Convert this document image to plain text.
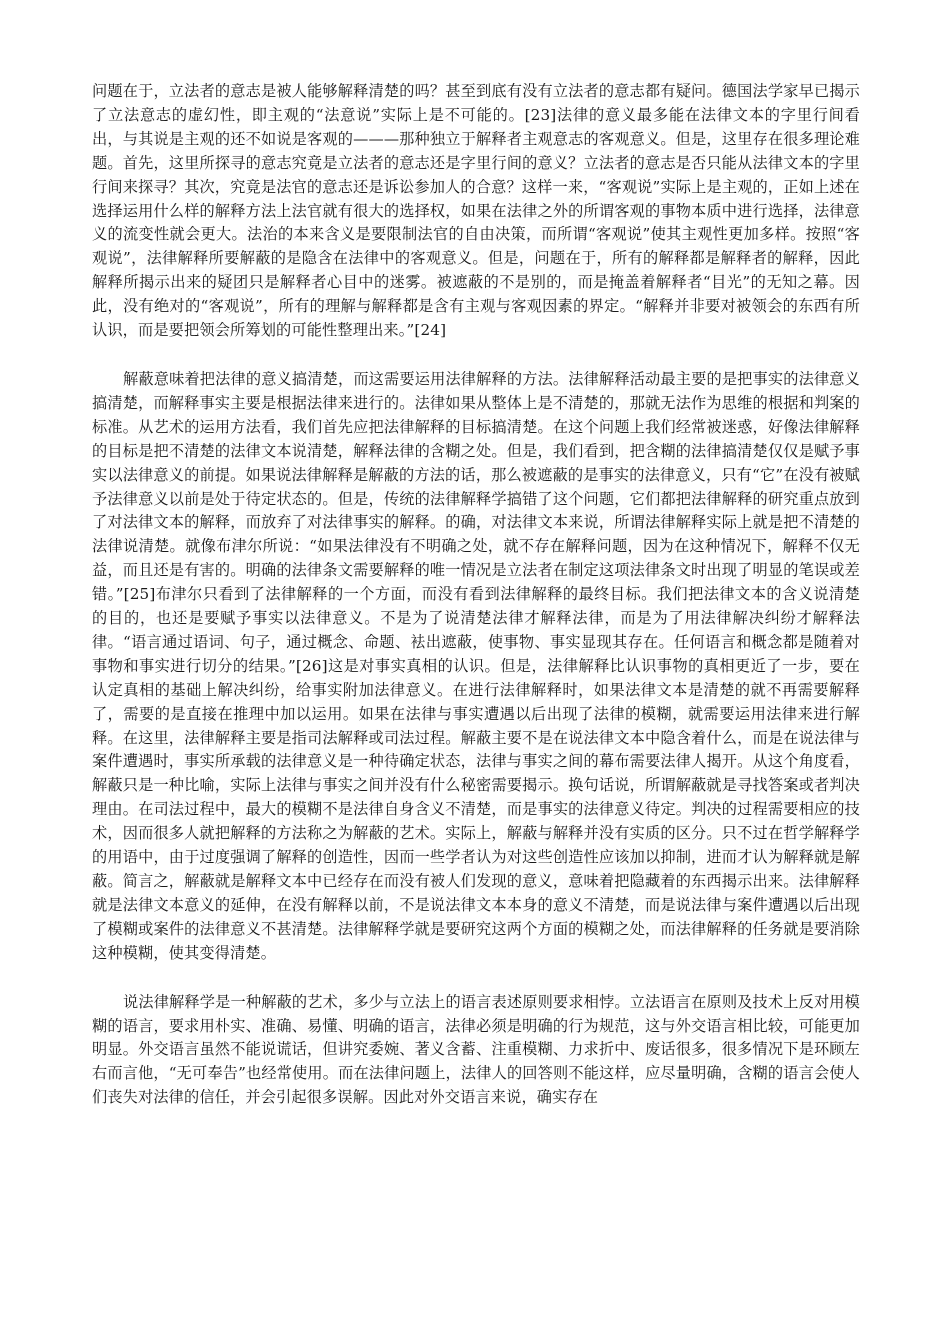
问题在于，立法者的意志是被人能够解释清楚的吗？甚至到底有没有立法者的意志都有疑问。德国法学家早已揭示了立法意志的虚幻性，即主观的“法意说”实际上是不可能的。[23]法律的意义最多能在法律文本的字里行间看出，与其说是主观的还不如说是客观的———那种独立于解释者主观意志的客观意义。但是，这里存在很多理论难题。首先，这里所探寻的意志究竟是立法者的意志还是字里行间的意义？立法者的意志是否只能从法律文本的字里行间来探寻？其次，究竟是法官的意志还是诉讼参加人的合意？这样一来，“客观说”实际上是主观的，正如上述在选择运用什么样的解释方法上法官就有很大的选择权，如果在法律之外的所谓客观的事物本质中进行选择，法律意义的流变性就会更大。法治的本来含义是要限制法官的自由决策，而所谓“客观说”使其主观性更加多样。按照“客观说”，法律解释所要解蔽的是隐含在法律中的客观意义。但是，问题在于，所有的解释都是解释者的解释，因此解释所揭示出来的疑团只是解释者心目中的迷雾。被遮蔽的不是别的，而是掩盖着解释者“目光”的无知之幕。因此，没有绝对的“客观说”，所有的理解与解释都是含有主观与客观因素的界定。“解释并非要对被领会的东西有所认识，而是要把领会所筹划的可能性整理出来。”[24]

解蔽意味着把法律的意义搞清楚，而这需要运用法律解释的方法。法律解释活动最主要的是把事实的法律意义搞清楚，而解释事实主要是根据法律来进行的。法律如果从整体上是不清楚的，那就无法作为思维的根据和判案的标准。从艺术的运用方法看，我们首先应把法律解释的目标搞清楚。在这个问题上我们经常被迷惑，好像法律解释的目标是把不清楚的法律文本说清楚，解释法律的含糊之处。但是，我们看到，把含糊的法律搞清楚仅仅是赋予事实以法律意义的前提。如果说法律解释是解蔽的方法的话，那么被遮蔽的是事实的法律意义，只有“它”在没有被赋予法律意义以前是处于待定状态的。但是，传统的法律解释学搞错了这个问题，它们都把法律解释的研究重点放到了对法律文本的解释，而放弃了对法律事实的解释。的确，对法律文本来说，所谓法律解释实际上就是把不清楚的法律说清楚。就像布津尔所说：“如果法律没有不明确之处，就不存在解释问题，因为在这种情况下，解释不仅无益，而且还是有害的。明确的法律条文需要解释的唯一情况是立法者在制定这项法律条文时出现了明显的笔误或差错。”[25]布津尔只看到了法律解释的一个方面，而没有看到法律解释的最终目标。我们把法律文本的含义说清楚的目的，也还是要赋予事实以法律意义。不是为了说清楚法律才解释法律，而是为了用法律解决纠纷才解释法律。“语言通过语词、句子，通过概念、命题、袪出遮蔽，使事物、事实显现其存在。任何语言和概念都是随着对事物和事实进行切分的结果。”[26]这是对事实真相的认识。但是，法律解释比认识事物的真相更近了一步，要在认定真相的基础上解决纠纷，给事实附加法律意义。在进行法律解释时，如果法律文本是清楚的就不再需要解释了，需要的是直接在推理中加以运用。如果在法律与事实遭遇以后出现了法律的模糊，就需要运用法律来进行解释。在这里，法律解释主要是指司法解释或司法过程。解蔽主要不是在说法律文本中隐含着什么，而是在说法律与案件遭遇时，事实所承载的法律意义是一种待确定状态，法律与事实之间的幕布需要法律人揭开。从这个角度看，解蔽只是一种比喻，实际上法律与事实之间并没有什么秘密需要揭示。换句话说，所谓解蔽就是寻找答案或者判决理由。在司法过程中，最大的模糊不是法律自身含义不清楚，而是事实的法律意义待定。判决的过程需要相应的技术，因而很多人就把解释的方法称之为解蔽的艺术。实际上，解蔽与解释并没有实质的区分。只不过在哲学解释学的用语中，由于过度强调了解释的创造性，因而一些学者认为对这些创造性应该加以抑制，进而才认为解释就是解蔽。简言之，解蔽就是解释文本中已经存在而没有被人们发现的意义，意味着把隐藏着的东西揭示出来。法律解释就是法律文本意义的延伸，在没有解释以前，不是说法律文本本身的意义不清楚，而是说法律与案件遭遇以后出现了模糊或案件的法律意义不甚清楚。法律解释学就是要研究这两个方面的模糊之处，而法律解释的任务就是要消除这种模糊，使其变得清楚。

说法律解释学是一种解蔽的艺术，多少与立法上的语言表述原则要求相悖。立法语言在原则及技术上反对用模糊的语言，要求用朴实、准确、易懂、明确的语言，法律必须是明确的行为规范，这与外交语言相比较，可能更加明显。外交语言虽然不能说谎话，但讲究委婉、著义含蓄、注重模糊、力求折中、废话很多，很多情况下是环顾左右而言他，“无可奉告”也经常使用。而在法律问题上，法律人的回答则不能这样，应尽量明确，含糊的语言会使人们丧失对法律的信任，并会引起很多误解。因此对外交语言来说，确实存在
